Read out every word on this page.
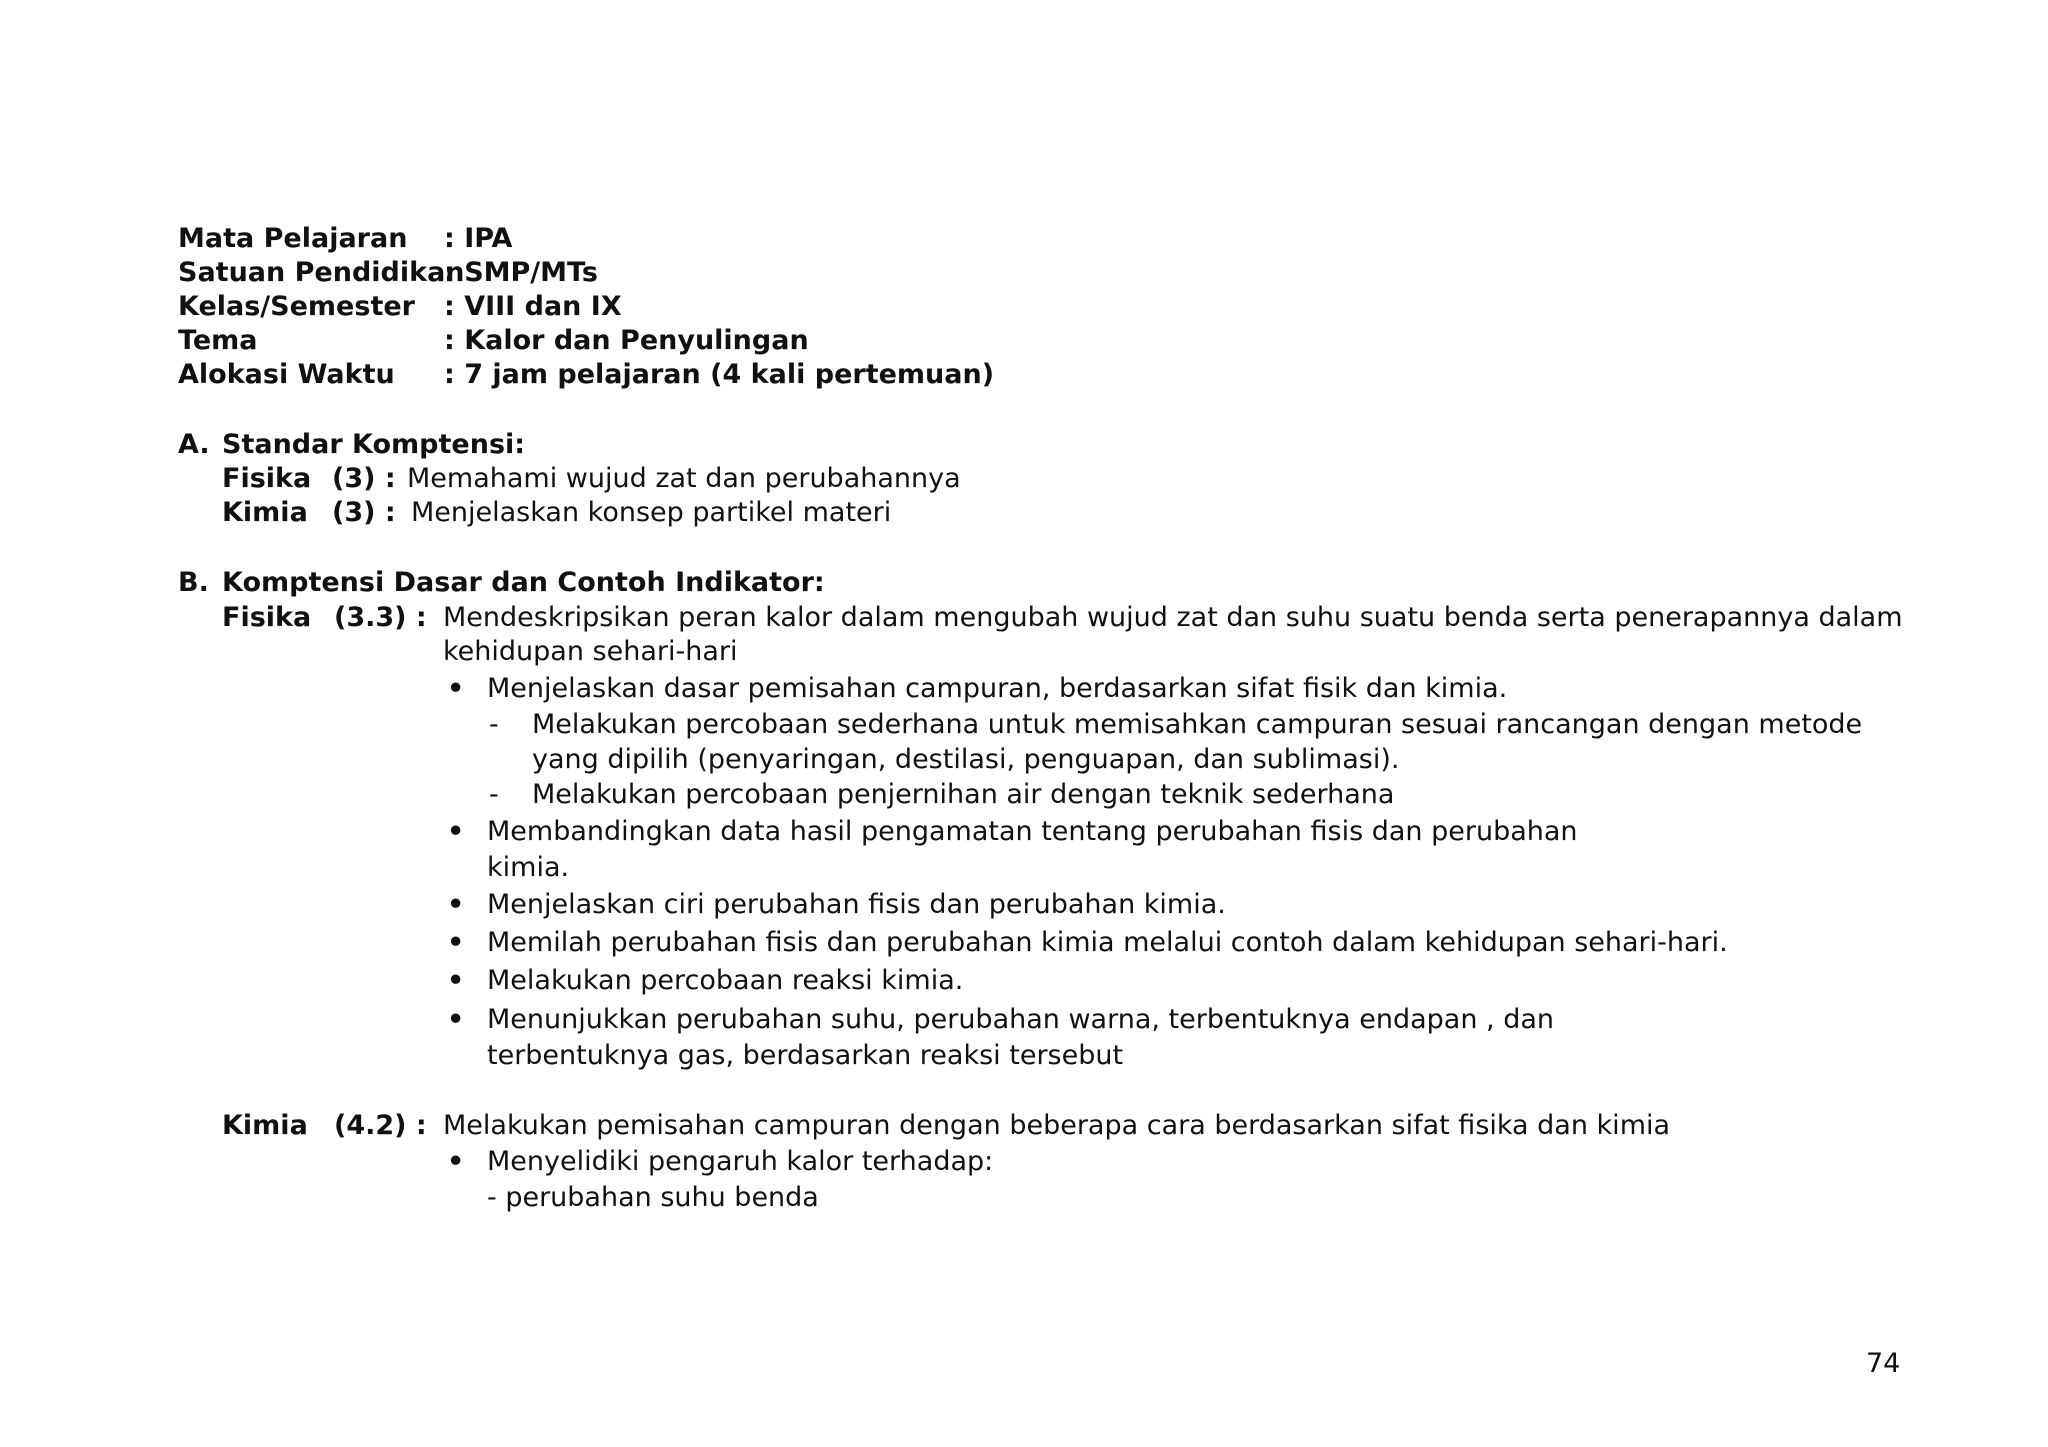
Mata Pelajaran : IPA
Satuan Pendidikan
: SMP/MTs
Kelas/Semester : VIII dan IX
Tema	: Kalor dan Penyulingan
Alokasi Waktu : 7 jam pelajaran (4 kali pertemuan)
A. Standar Komptensi:
Fisika (3) : Memahami wujud zat dan perubahannya
Kimia (3) : Menjelaskan konsep partikel materi
B. Komptensi Dasar dan Contoh Indikator:
Fisika (3.3) : Mendeskripsikan peran kalor dalam mengubah wujud zat dan suhu suatu benda serta penerapannya dalam
kehidupan sehari-hari
• Menjelaskan dasar pemisahan campuran, berdasarkan sifat fisik dan kimia.
- Melakukan percobaan sederhana untuk memisahkan campuran sesuai rancangan dengan metode
yang dipilih (penyaringan, destilasi, penguapan, dan sublimasi).
- Melakukan percobaan penjernihan air dengan teknik sederhana
• Membandingkan data hasil pengamatan tentang perubahan fisis dan perubahan
kimia.
• Menjelaskan ciri perubahan fisis dan perubahan kimia.
• Memilah perubahan fisis dan perubahan kimia melalui contoh dalam kehidupan sehari-hari.
• Melakukan percobaan reaksi kimia.
• Menunjukkan perubahan suhu, perubahan warna, terbentuknya endapan , dan
terbentuknya gas, berdasarkan reaksi tersebut
Kimia (4.2) : Melakukan pemisahan campuran dengan beberapa cara berdasarkan sifat fisika dan kimia
• Menyelidiki pengaruh kalor terhadap:
- perubahan suhu benda
74
